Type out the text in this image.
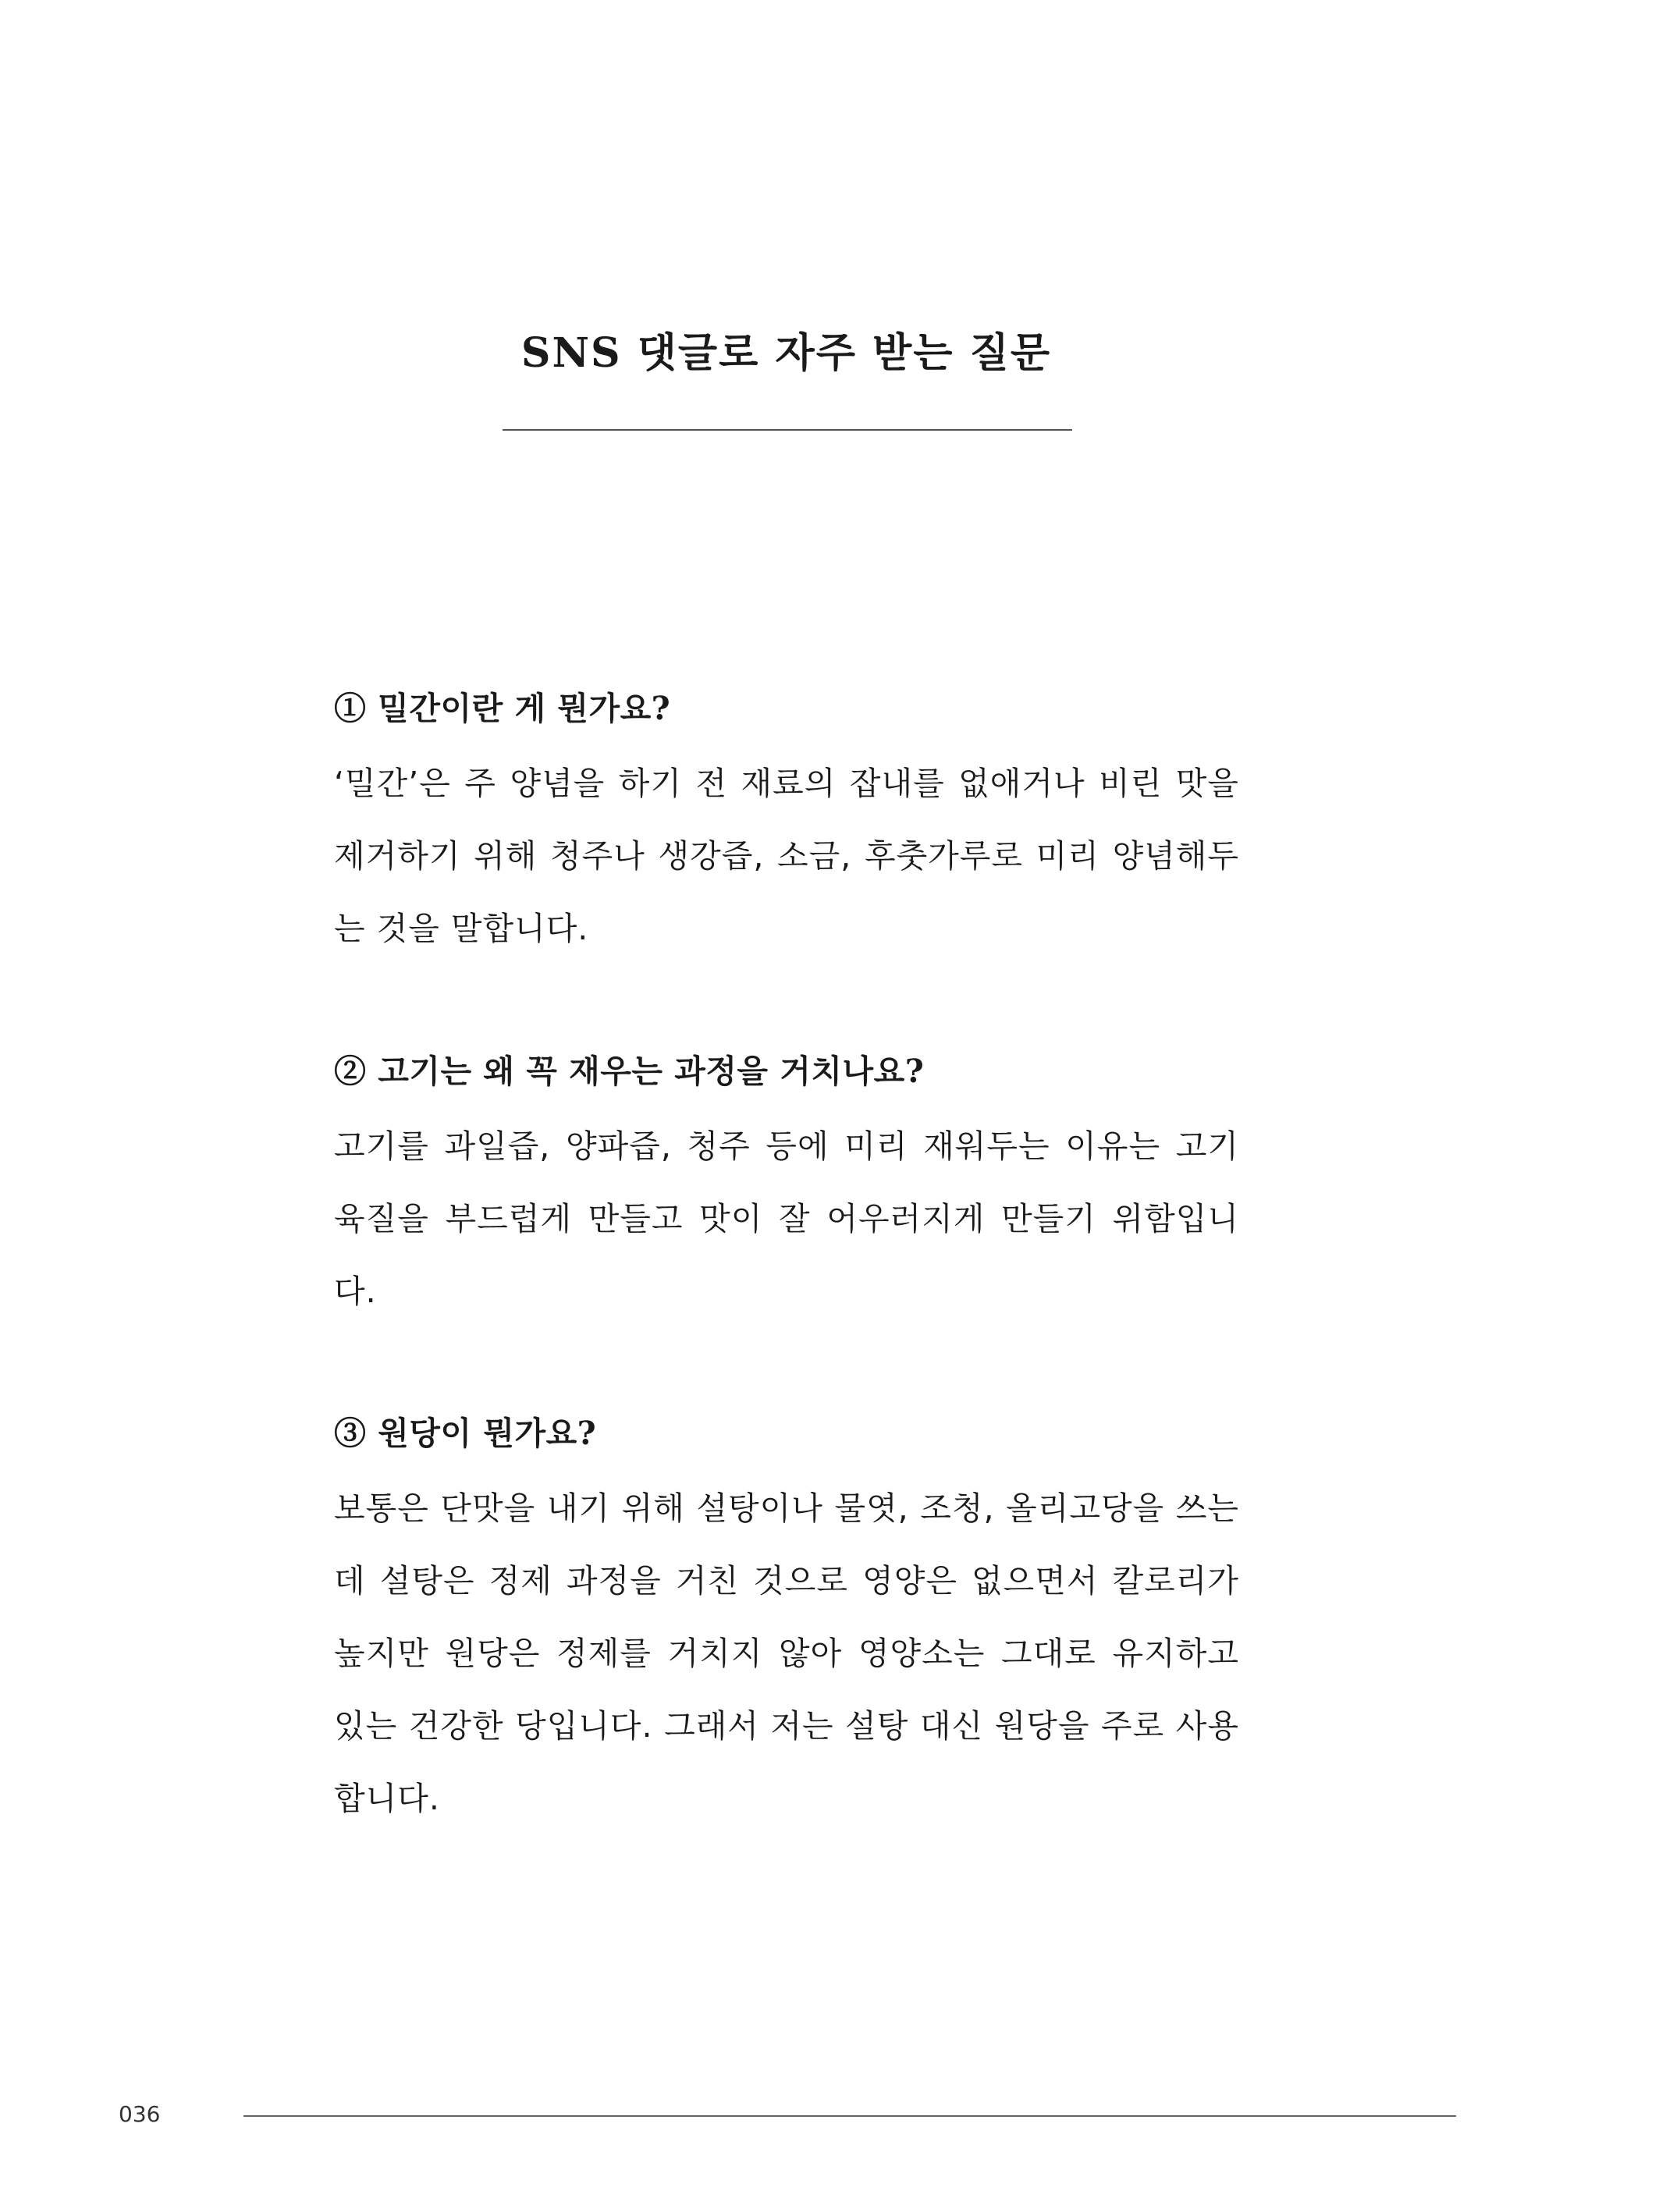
SNS 댓글로 자주 받는 질문
① 밀간이란 게 뭔가요?

‘밀간’은 주 양념을 하기 전 재료의 잡내를 없애거나 비린 맛을 제거하기 위해 청주나 생강즙, 소금, 후춧가루로 미리 양념해두는 것을 말합니다.

② 고기는 왜 꼭 재우는 과정을 거치나요?

고기를 과일즙, 양파즙, 청주 등에 미리 재워두는 이유는 고기 육질을 부드럽게 만들고 맛이 잘 어우러지게 만들기 위함입니다.

③ 원당이 뭔가요?

보통은 단맛을 내기 위해 설탕이나 물엿, 조청, 올리고당을 쓰는데 설탕은 정제 과정을 거친 것으로 영양은 없으면서 칼로리가 높지만 원당은 정제를 거치지 않아 영양소는 그대로 유지하고 있는 건강한 당입니다. 그래서 저는 설탕 대신 원당을 주로 사용합니다.

036
